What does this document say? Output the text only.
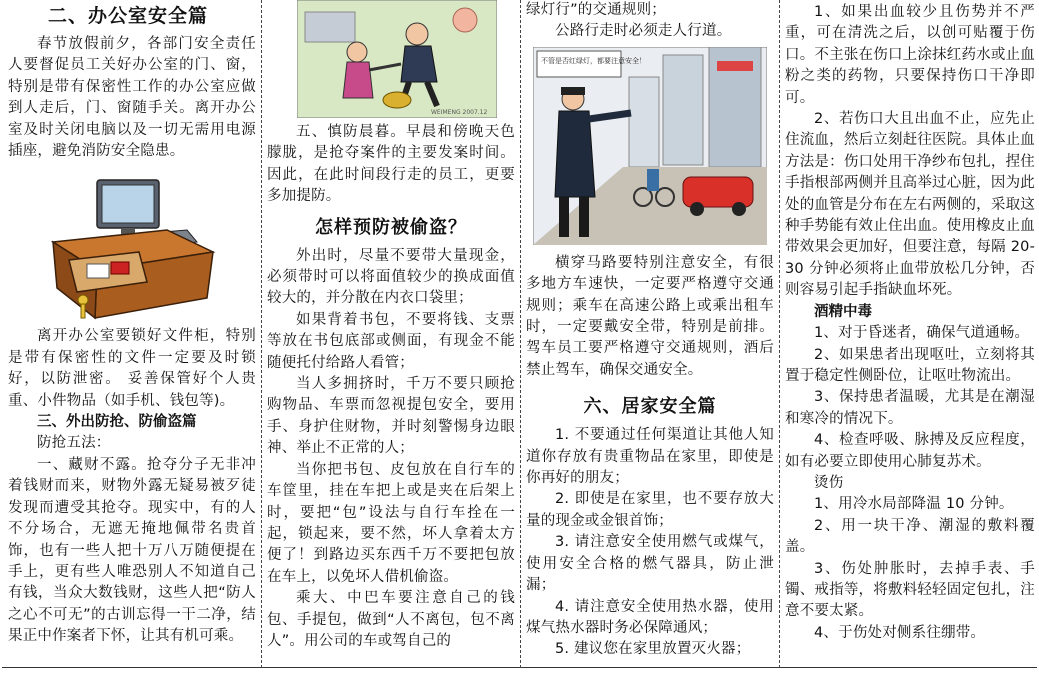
二、办公室安全篇
春节放假前夕，各部门安全责任人要督促员工关好办公室的门、窗，特别是带有保密性工作的办公室应做到人走后，门、窗随手关。离开办公室及时关闭电脑以及一切无需用电源插座，避免消防安全隐患。
离开办公室要锁好文件柜，特别是带有保密性的文件一定要及时锁好，以防泄密。 妥善保管好个人贵重、小件物品（如手机、钱包等)。
三、外出防抢、防偷盗篇
防抢五法：
一、藏财不露。抢夺分子无非冲着钱财而来，财物外露无疑易被歹徒发现而遭受其抢夺。现实中，有的人不分场合，无遮无掩地佩带名贵首饰，也有一些人把十万八万随便提在手上，更有些人唯恐别人不知道自己有钱，当众大数钱财，这些人把“防人之心不可无”的古训忘得一干二净，结果正中作案者下怀，让其有机可乘。
WEIMENG 2007.12
五、慎防晨暮。早晨和傍晚天色朦胧，是抢夺案件的主要发案时间。因此，在此时间段行走的员工，更要多加提防。
怎样预防被偷盗？
外出时，尽量不要带大量现金，必须带时可以将面值较少的换成面值较大的，并分散在内衣口袋里；
如果背着书包，不要将钱、支票等放在书包底部或侧面，有现金不能随便托付给路人看管；
当人多拥挤时，千万不要只顾抢购物品、车票而忽视提包安全，要用手、身护住财物，并时刻警惕身边眼神、举止不正常的人；
当你把书包、皮包放在自行车的车筐里，挂在车把上或是夹在后架上时，要把“包”设法与自行车拴在一起，锁起来，要不然，坏人拿着太方便了！到路边买东西千万不要把包放在车上，以免坏人借机偷盗。
乘大、中巴车要注意自己的钱包、手提包，做到“人不离包，包不离人”。用公司的车或驾自己的
绿灯行”的交通规则；
公路行走时必须走人行道。
不管是否红绿灯，都要注意安全！
横穿马路要特别注意安全，有很多地方车速快，一定要严格遵守交通规则；乘车在高速公路上或乘出租车时，一定要戴安全带，特别是前排。驾车员工要严格遵守交通规则，酒后禁止驾车，确保交通安全。
六、居家安全篇
1. 不要通过任何渠道让其他人知道你存放有贵重物品在家里，即使是你再好的朋友；
2. 即使是在家里，也不要存放大量的现金或金银首饰；
3. 请注意安全使用燃气或煤气，使用安全合格的燃气器具，防止泄漏；
4. 请注意安全使用热水器，使用煤气热水器时务必保障通风；
5. 建议您在家里放置灭火器；
1、如果出血较少且伤势并不严重，可在清洗之后，以创可贴覆于伤口。不主张在伤口上涂抹红药水或止血粉之类的药物，只要保持伤口干净即可。
2、若伤口大且出血不止，应先止住流血，然后立刻赶往医院。具体止血方法是：伤口处用干净纱布包扎，捏住手指根部两侧并且高举过心脏，因为此处的血管是分布在左右两侧的，采取这种手势能有效止住出血。使用橡皮止血带效果会更加好，但要注意，每隔 20-30 分钟必须将止血带放松几分钟，否则容易引起手指缺血坏死。
酒精中毒
1、对于昏迷者，确保气道通畅。
2、如果患者出现呕吐，立刻将其置于稳定性侧卧位，让呕吐物流出。
3、保持患者温暖，尤其是在潮湿和寒冷的情况下。
4、检查呼吸、脉搏及反应程度，如有必要立即使用心肺复苏术。
烫伤
1、用冷水局部降温 10 分钟。
2、用一块干净、潮湿的敷料覆盖。
3、伤处肿胀时，去掉手表、手镯、戒指等，将敷料轻轻固定包扎，注意不要太紧。
4、于伤处对侧系往绷带。
